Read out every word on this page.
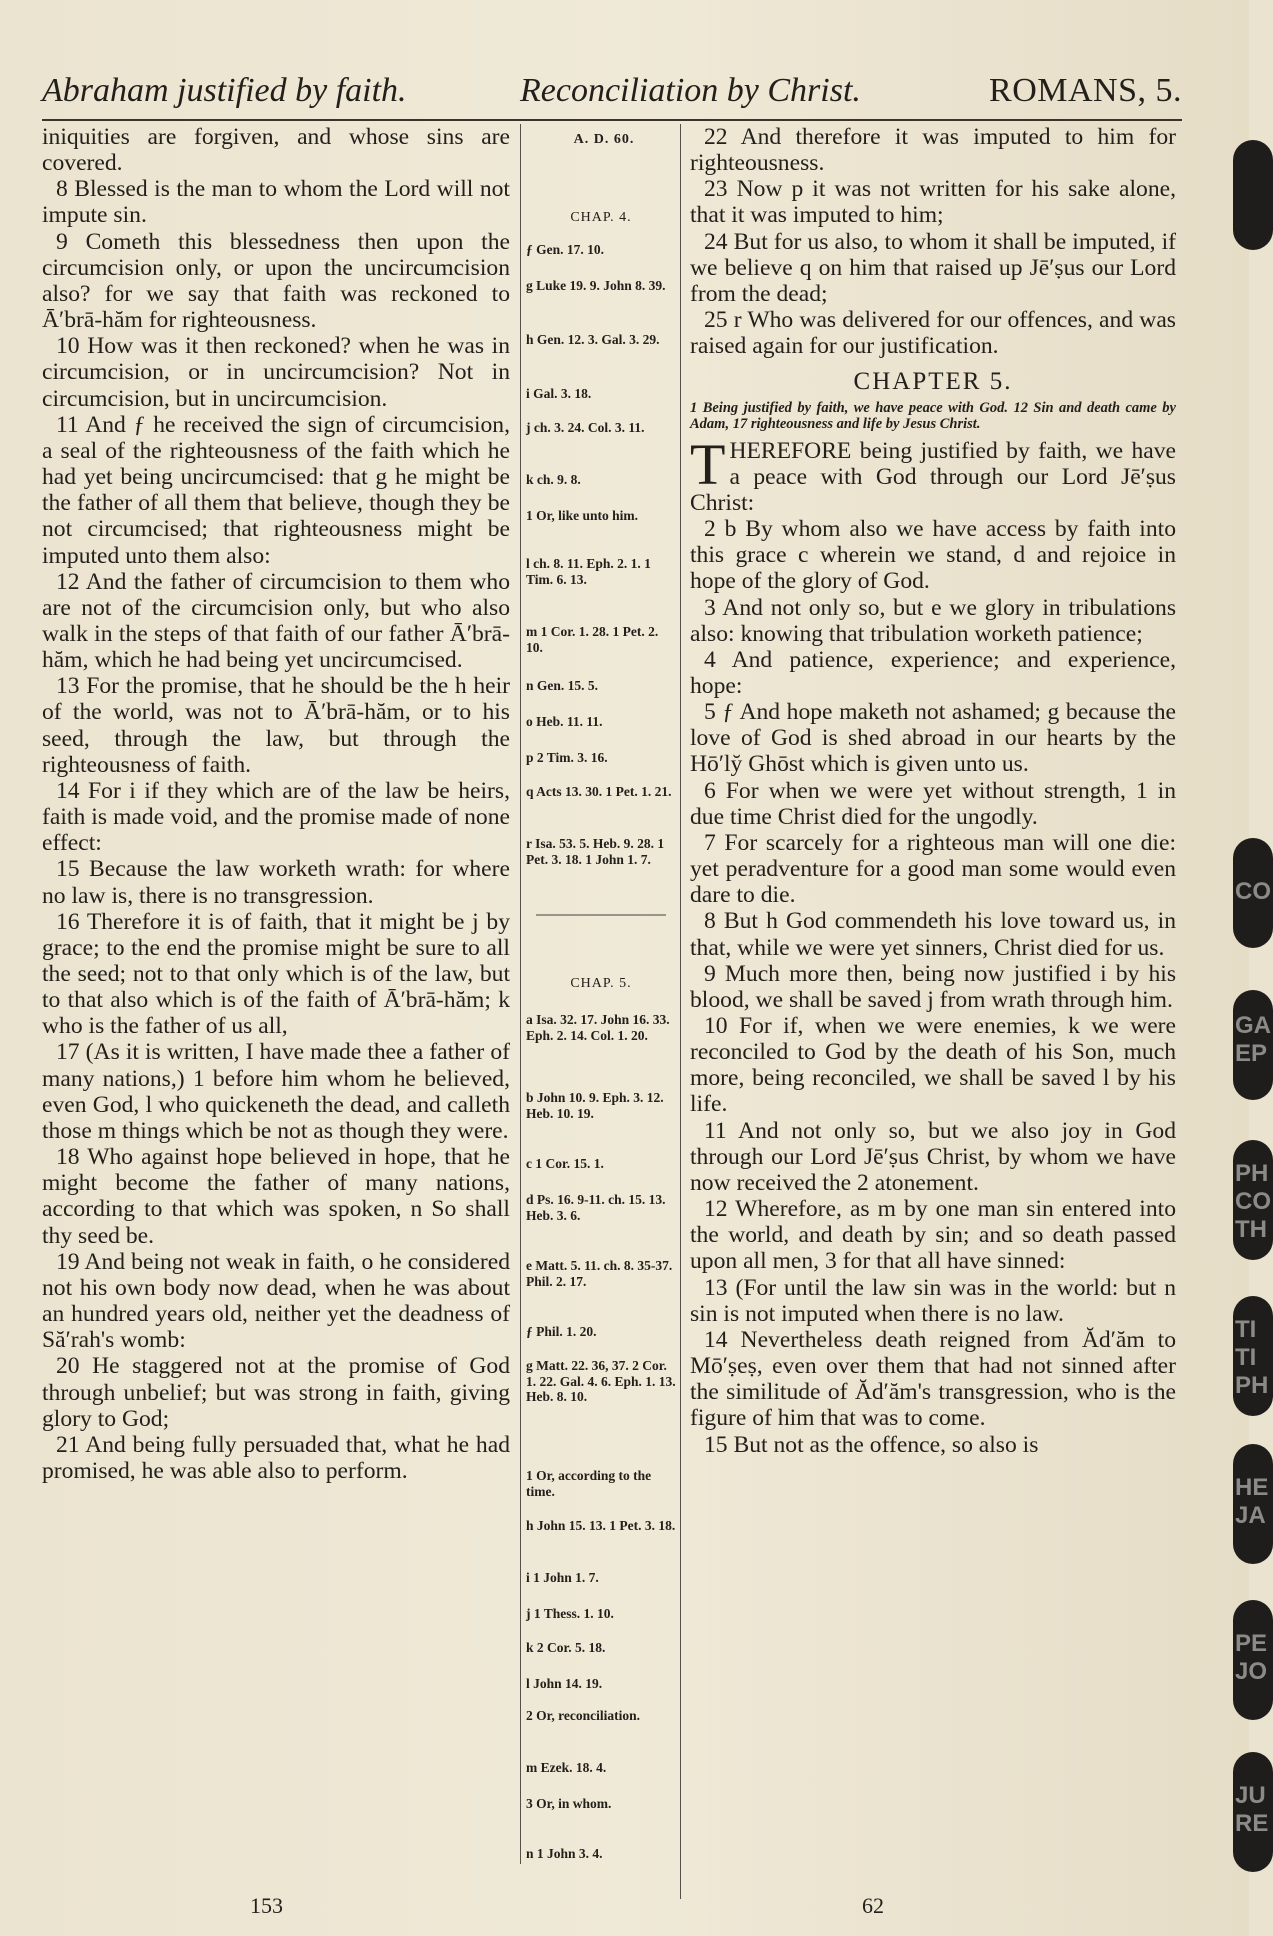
Abraham justified by faith.	Reconciliation by Christ.	ROMANS, 5.

iniquities are forgiven, and whose sins are covered.

8 Blessed is the man to whom the Lord will not impute sin.

9 Cometh this blessedness then upon the circumcision only, or upon the uncircumcision also? for we say that faith was reckoned to Ā′brā-hăm for righteousness.

10 How was it then reckoned? when he was in circumcision, or in uncircumcision? Not in circumcision, but in uncircumcision.

11 And ƒ he received the sign of circumcision, a seal of the righteousness of the faith which he had yet being uncircumcised: that g he might be the father of all them that believe, though they be not circumcised; that righteousness might be imputed unto them also:

12 And the father of circumcision to them who are not of the circumcision only, but who also walk in the steps of that faith of our father Ā′brā-hăm, which he had being yet uncircumcised.

13 For the promise, that he should be the h heir of the world, was not to Ā′brā-hăm, or to his seed, through the law, but through the righteousness of faith.

14 For i if they which are of the law be heirs, faith is made void, and the promise made of none effect:

15 Because the law worketh wrath: for where no law is, there is no transgression.

16 Therefore it is of faith, that it might be j by grace; to the end the promise might be sure to all the seed; not to that only which is of the law, but to that also which is of the faith of Ā′brā-hăm; k who is the father of us all,

17 (As it is written, I have made thee a father of many nations,) 1 before him whom he believed, even God, l who quickeneth the dead, and calleth those m things which be not as though they were.

18 Who against hope believed in hope, that he might become the father of many nations, according to that which was spoken, n So shall thy seed be.

19 And being not weak in faith, o he considered not his own body now dead, when he was about an hundred years old, neither yet the deadness of Să′rah's womb:

20 He staggered not at the promise of God through unbelief; but was strong in faith, giving glory to God;

21 And being fully persuaded that, what he had promised, he was able also to perform.

A. D. 60.
CHAP. 4.
ƒ Gen. 17. 10.
g Luke 19. 9. John 8. 39.
h Gen. 12. 3. Gal. 3. 29.
i Gal. 3. 18.
j ch. 3. 24. Col. 3. 11.
k ch. 9. 8.
1 Or, like unto him.
l ch. 8. 11. Eph. 2. 1. 1 Tim. 6. 13.
m 1 Cor. 1. 28. 1 Pet. 2. 10.
n Gen. 15. 5.
o Heb. 11. 11.
p 2 Tim. 3. 16.
q Acts 13. 30. 1 Pet. 1. 21.
r Isa. 53. 5. Heb. 9. 28. 1 Pet. 3. 18. 1 John 1. 7.
CHAP. 5.
a Isa. 32. 17. John 16. 33. Eph. 2. 14. Col. 1. 20.
b John 10. 9. Eph. 3. 12. Heb. 10. 19.
c 1 Cor. 15. 1.
d Ps. 16. 9-11. ch. 15. 13. Heb. 3. 6.
e Matt. 5. 11. ch. 8. 35-37. Phil. 2. 17.
ƒ Phil. 1. 20.
g Matt. 22. 36, 37. 2 Cor. 1. 22. Gal. 4. 6. Eph. 1. 13. Heb. 8. 10.
1 Or, according to the time.
h John 15. 13. 1 Pet. 3. 18.
i 1 John 1. 7.
j 1 Thess. 1. 10.
k 2 Cor. 5. 18.
l John 14. 19.
2 Or, reconciliation.
m Ezek. 18. 4.
3 Or, in whom.
n 1 John 3. 4.

22 And therefore it was imputed to him for righteousness.

23 Now p it was not written for his sake alone, that it was imputed to him;

24 But for us also, to whom it shall be imputed, if we believe q on him that raised up Jē′ṣus our Lord from the dead;

25 r Who was delivered for our offences, and was raised again for our justification.

CHAPTER 5.

1 Being justified by faith, we have peace with God. 12 Sin and death came by Adam, 17 righteousness and life by Jesus Christ.

THEREFORE being justified by faith, we have a peace with God through our Lord Jē′ṣus Christ:

2 b By whom also we have access by faith into this grace c wherein we stand, d and rejoice in hope of the glory of God.

3 And not only so, but e we glory in tribulations also: knowing that tribulation worketh patience;

4 And patience, experience; and experience, hope:

5 ƒ And hope maketh not ashamed; g because the love of God is shed abroad in our hearts by the Hō′ly̆ Ghōst which is given unto us.

6 For when we were yet without strength, 1 in due time Christ died for the ungodly.

7 For scarcely for a righteous man will one die: yet peradventure for a good man some would even dare to die.

8 But h God commendeth his love toward us, in that, while we were yet sinners, Christ died for us.

9 Much more then, being now justified i by his blood, we shall be saved j from wrath through him.

10 For if, when we were enemies, k we were reconciled to God by the death of his Son, much more, being reconciled, we shall be saved l by his life.

11 And not only so, but we also joy in God through our Lord Jē′ṣus Christ, by whom we have now received the 2 atonement.

12 Wherefore, as m by one man sin entered into the world, and death by sin; and so death passed upon all men, 3 for that all have sinned:

13 (For until the law sin was in the world: but n sin is not imputed when there is no law.

14 Nevertheless death reigned from Ăd′ăm to Mō′ṣeṣ, even over them that had not sinned after the similitude of Ăd′ăm's transgression, who is the figure of him that was to come.

15 But not as the offence, so also is

153	62
CO
GA EP
PH CO TH
TI TI PH
HE JA
PE JO
JU RE
